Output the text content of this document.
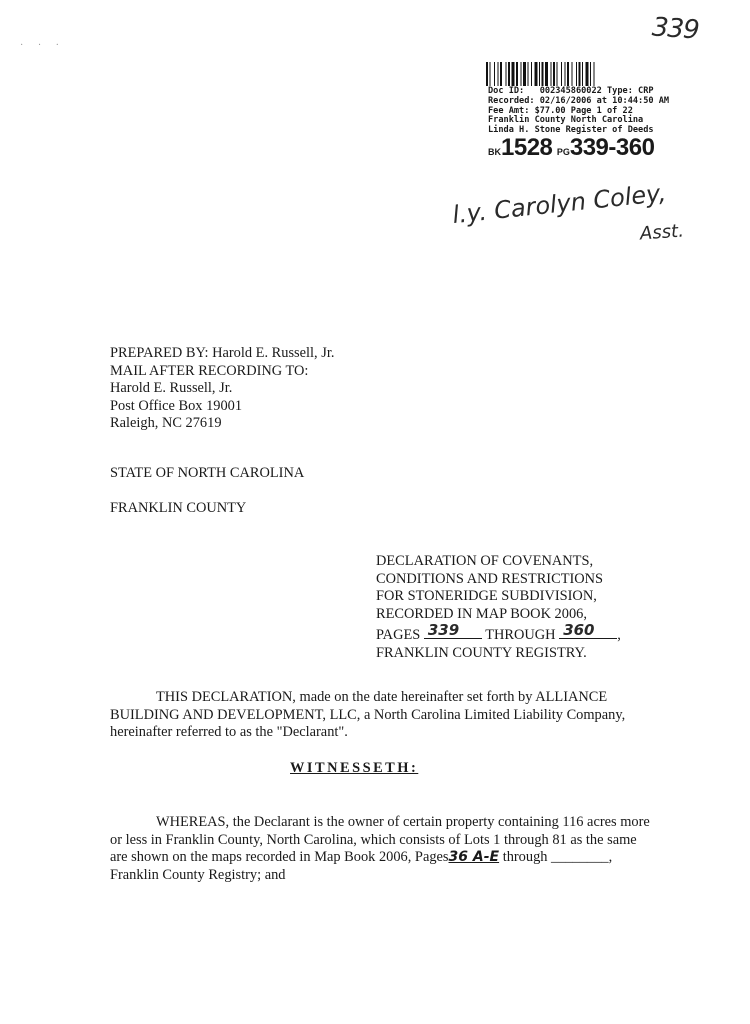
339
· · ·
Doc ID:   002345860022 Type: CRP
Recorded: 02/16/2006 at 10:44:50 AM
Fee Amt: $77.00 Page 1 of 22
Franklin County North Carolina
Linda H. Stone Register of Deeds
BK1528 PG339-360
l.y. Carolyn Coley,
Asst.
PREPARED BY: Harold E. Russell, Jr.
MAIL AFTER RECORDING TO:
Harold E. Russell, Jr.
Post Office Box 19001
Raleigh, NC 27619
STATE OF NORTH CAROLINA
FRANKLIN COUNTY
DECLARATION OF COVENANTS,
CONDITIONS AND RESTRICTIONS
FOR STONERIDGE SUBDIVISION,
RECORDED IN MAP BOOK 2006,
PAGES 339 THROUGH 360 ,
FRANKLIN COUNTY REGISTRY.
THIS DECLARATION, made on the date hereinafter set forth by ALLIANCE BUILDING AND DEVELOPMENT, LLC, a North Carolina Limited Liability Company, hereinafter referred to as the "Declarant".
WITNESSETH:
WHEREAS, the Declarant is the owner of certain property containing 116 acres more or less in Franklin County, North Carolina, which consists of Lots 1 through 81 as the same are shown on the maps recorded in Map Book 2006, Pages36 A-E through ________, Franklin County Registry; and
